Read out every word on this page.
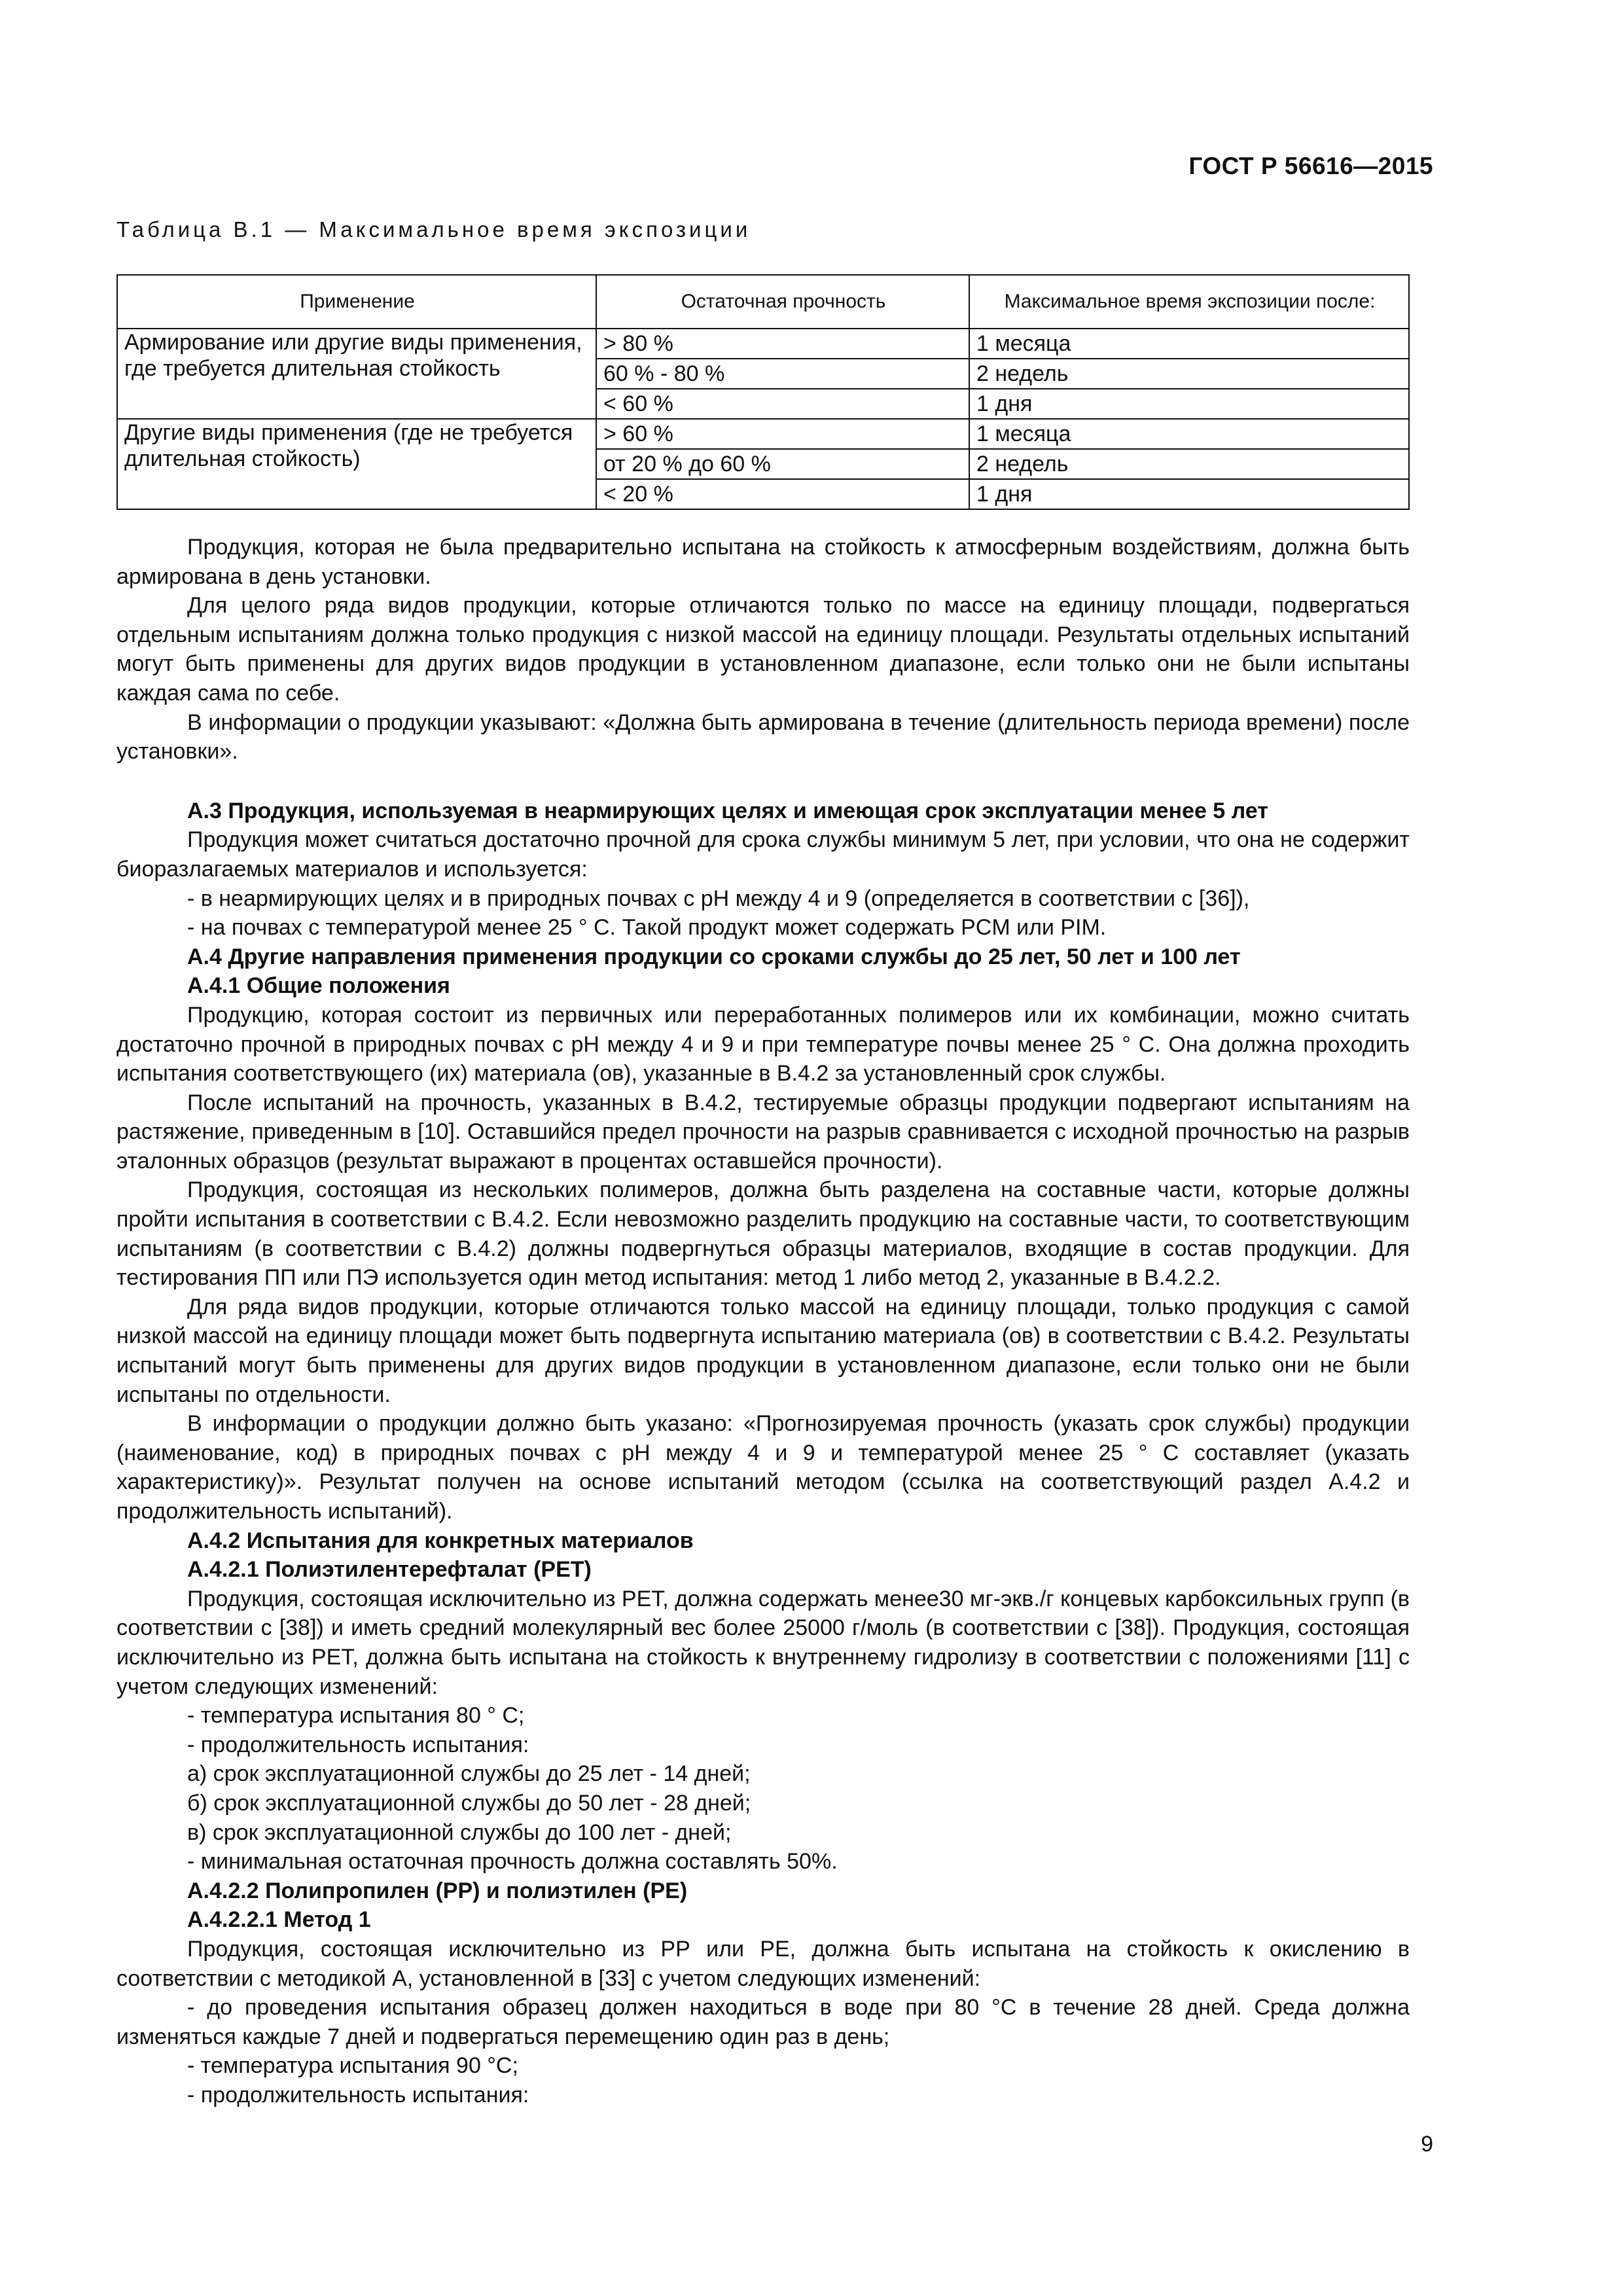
ГОСТ Р 56616—2015
Таблица В.1 — Максимальное время экспозиции
Применение	Остаточная прочность	Максимальное время экспозиции после:
Армирование или другие виды применения, где требуется длительная стойкость	> 80 %	1 месяца
	60 % - 80 %	2 недель
	< 60 %	1 дня
Другие виды применения (где не требуется длительная стойкость)	> 60 %	1 месяца
	от 20 % до 60 %	2 недель
	< 20 %	1 дня

Продукция, которая не была предварительно испытана на стойкость к атмосферным воздействиям, должна быть армирована в день установки.

Для целого ряда видов продукции, которые отличаются только по массе на единицу площади, подвергаться отдельным испытаниям должна только продукция с низкой массой на единицу площади. Результаты отдельных испытаний могут быть применены для других видов продукции в установленном диапазоне, если только они не были испытаны каждая сама по себе.

В информации о продукции указывают: «Должна быть армирована в течение (длительность периода времени) после установки».

А.3 Продукция, используемая в неармирующих целях и имеющая срок эксплуатации менее 5 лет

Продукция может считаться достаточно прочной для срока службы минимум 5 лет, при условии, что она не содержит биоразлагаемых материалов и используется:

- в неармирующих целях и в природных почвах с pH между 4 и 9 (определяется в соответствии с [36]),

- на почвах с температурой менее 25 ° С. Такой продукт может содержать PCM или PIM.

А.4 Другие направления применения продукции со сроками службы до 25 лет, 50 лет и 100 лет

А.4.1 Общие положения

Продукцию, которая состоит из первичных или переработанных полимеров или их комбинации, можно считать достаточно прочной в природных почвах с pH между 4 и 9 и при температуре почвы менее 25 ° С. Она должна проходить испытания соответствующего (их) материала (ов), указанные в В.4.2 за установленный срок службы.

После испытаний на прочность, указанных в В.4.2, тестируемые образцы продукции подвергают испытаниям на растяжение, приведенным в [10]. Оставшийся предел прочности на разрыв сравнивается с исходной прочностью на разрыв эталонных образцов (результат выражают в процентах оставшейся прочности).

Продукция, состоящая из нескольких полимеров, должна быть разделена на составные части, которые должны пройти испытания в соответствии с В.4.2. Если невозможно разделить продукцию на составные части, то соответствующим испытаниям (в соответствии с В.4.2) должны подвергнуться образцы материалов, входящие в состав продукции. Для тестирования ПП или ПЭ используется один метод испытания: метод 1 либо метод 2, указанные в В.4.2.2.

Для ряда видов продукции, которые отличаются только массой на единицу площади, только продукция с самой низкой массой на единицу площади может быть подвергнута испытанию материала (ов) в соответствии с В.4.2. Результаты испытаний могут быть применены для других видов продукции в установленном диапазоне, если только они не были испытаны по отдельности.

В информации о продукции должно быть указано: «Прогнозируемая прочность (указать срок службы) продукции (наименование, код) в природных почвах с pH между 4 и 9 и температурой менее 25 ° С составляет (указать характеристику)». Результат получен на основе испытаний методом (ссылка на соответствующий раздел А.4.2 и продолжительность испытаний).

А.4.2 Испытания для конкретных материалов

А.4.2.1 Полиэтилентерефталат (РЕТ)

Продукция, состоящая исключительно из РЕТ, должна содержать менее30 мг-экв./г концевых карбоксильных групп (в соответствии с [38]) и иметь средний молекулярный вес более 25000 г/моль (в соответствии с [38]). Продукция, состоящая исключительно из РЕТ, должна быть испытана на стойкость к внутреннему гидролизу в соответствии с положениями [11] с учетом следующих изменений:

- температура испытания 80 ° С;

- продолжительность испытания:

а) срок эксплуатационной службы до 25 лет - 14 дней;

б) срок эксплуатационной службы до 50 лет - 28 дней;

в) срок эксплуатационной службы до 100 лет - дней;

- минимальная остаточная прочность должна составлять 50%.

А.4.2.2 Полипропилен (РР) и полиэтилен (РЕ)

А.4.2.2.1 Метод 1

Продукция, состоящая исключительно из РР или РЕ, должна быть испытана на стойкость к окислению в соответствии с методикой А, установленной в [33] с учетом следующих изменений:

- до проведения испытания образец должен находиться в воде при 80 °С в течение 28 дней. Среда должна изменяться каждые 7 дней и подвергаться перемещению один раз в день;

- температура испытания 90 °С;

- продолжительность испытания:

9
